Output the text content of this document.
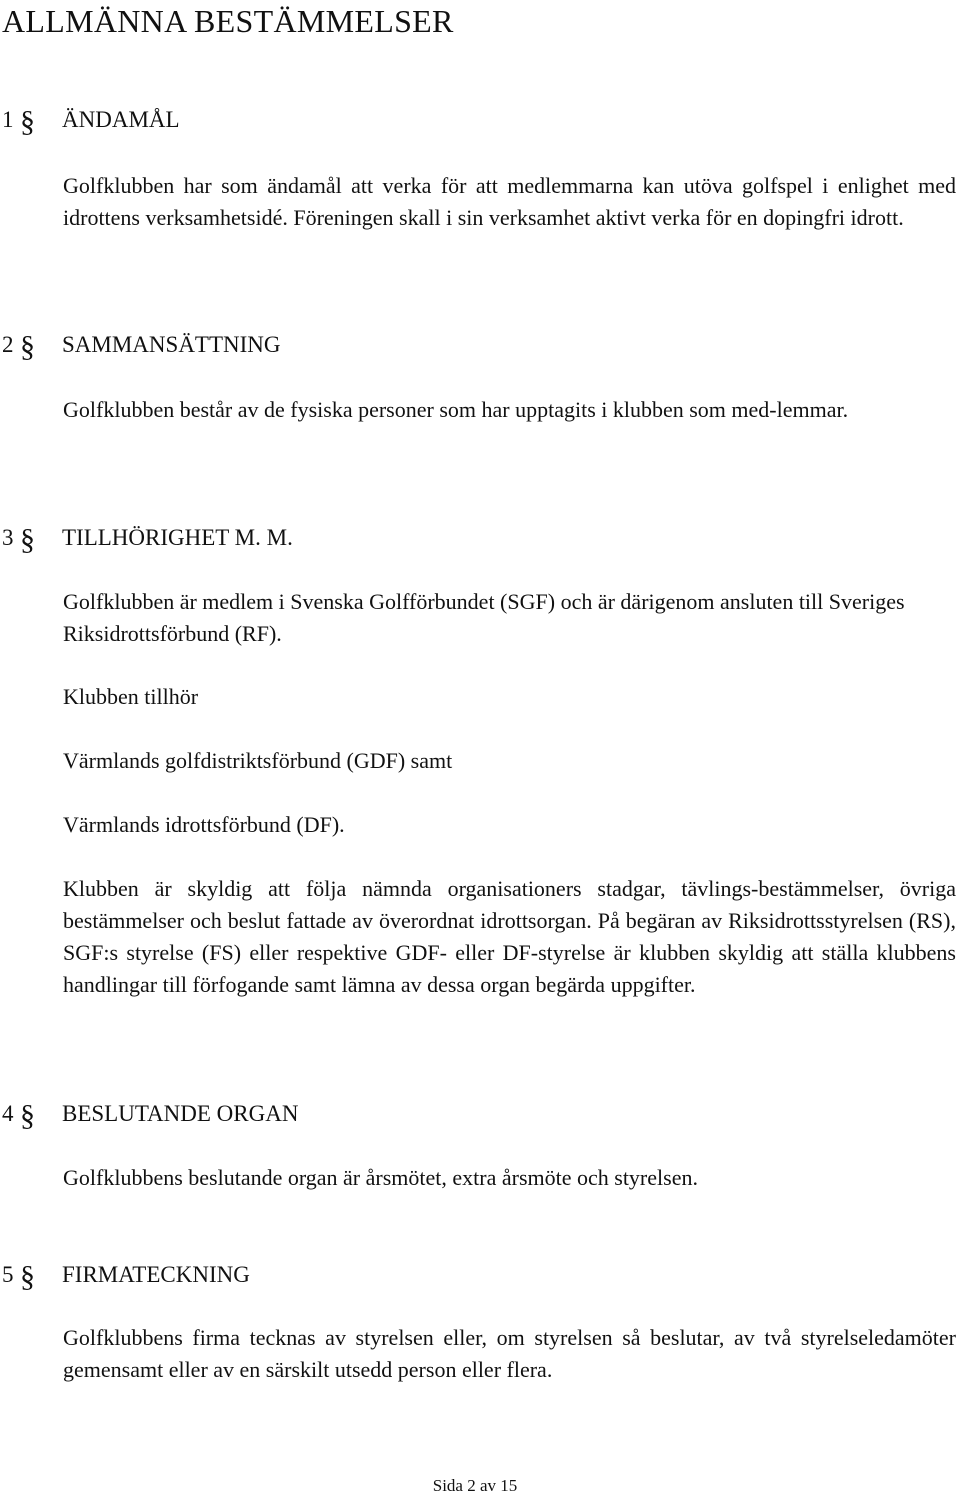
ALLMÄNNA BESTÄMMELSER
1 § ÄNDAMÅL

Golfklubben har som ändamål att verka för att medlemmarna kan utöva golfspel i enlighet med idrottens verksamhetsidé. Föreningen skall i sin verksamhet aktivt verka för en dopingfri idrott.

2 § SAMMANSÄTTNING

Golfklubben består av de fysiska personer som har upptagits i klubben som med-lemmar.

3 § TILLHÖRIGHET M. M.

Golfklubben är medlem i Svenska Golfförbundet (SGF) och är därigenom ansluten till Sveriges Riksidrottsförbund (RF).

Klubben tillhör

Värmlands golfdistriktsförbund (GDF) samt

Värmlands idrottsförbund (DF).

Klubben är skyldig att följa nämnda organisationers stadgar, tävlings-bestämmelser, övriga bestämmelser och beslut fattade av överordnat idrottsorgan. På begäran av Riksidrottsstyrelsen (RS), SGF:s styrelse (FS) eller respektive GDF- eller DF-styrelse är klubben skyldig att ställa klubbens handlingar till förfogande samt lämna av dessa organ begärda uppgifter.

4 § BESLUTANDE ORGAN

Golfklubbens beslutande organ är årsmötet, extra årsmöte och styrelsen.

5 § FIRMATECKNING

Golfklubbens firma tecknas av styrelsen eller, om styrelsen så beslutar, av två styrelseledamöter gemensamt eller av en särskilt utsedd person eller flera.

Sida 2 av 15
